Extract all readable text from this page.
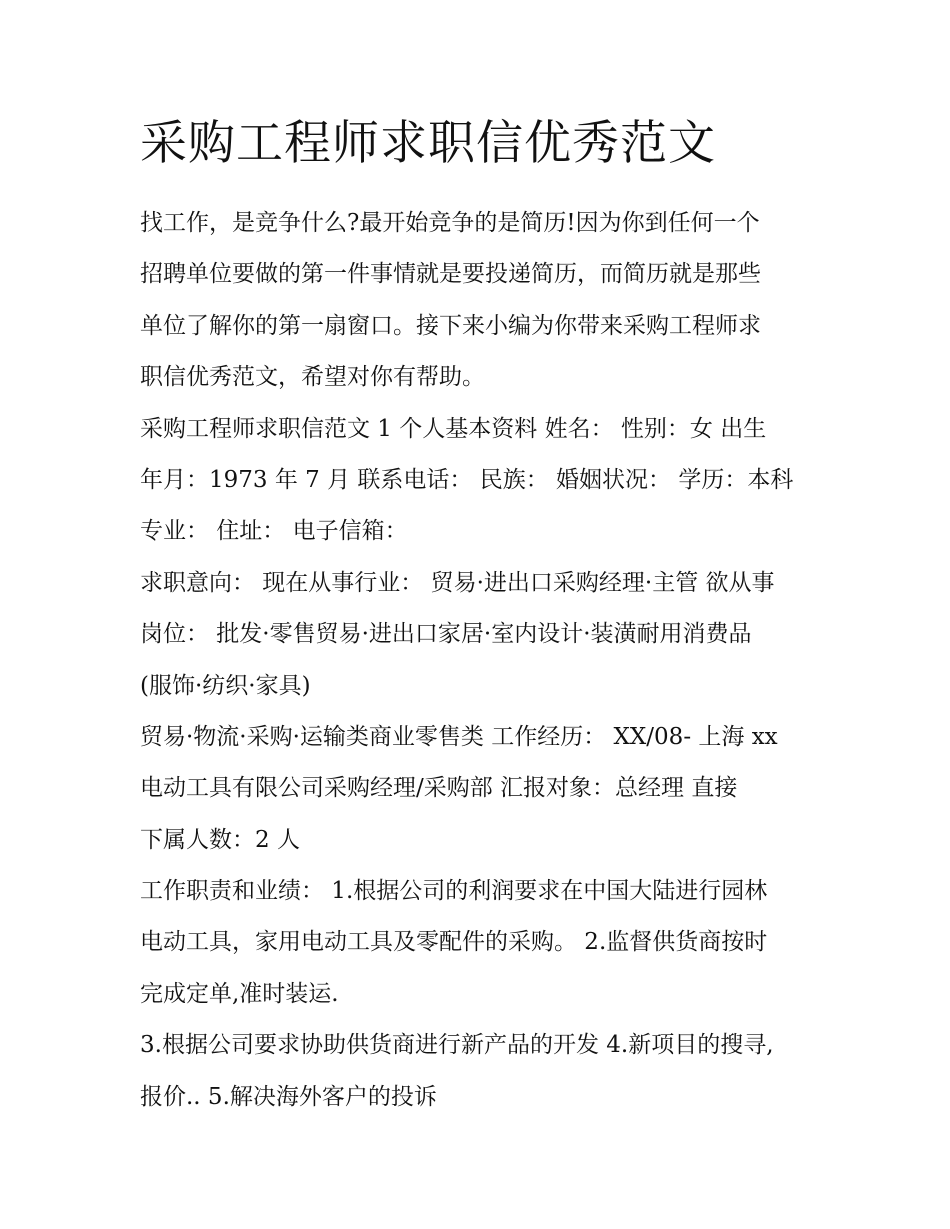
采购工程师求职信优秀范文

找工作，是竞争什么?最开始竞争的是简历!因为你到任何一个
招聘单位要做的第一件事情就是要投递简历，而简历就是那些
单位了解你的第一扇窗口。接下来小编为你带来采购工程师求
职信优秀范文，希望对你有帮助。

采购工程师求职信范文 1 个人基本资料 姓名： 性别：女 出生
年月：1973 年 7 月 联系电话： 民族： 婚姻状况： 学历：本科
专业： 住址： 电子信箱：

求职意向： 现在从事行业： 贸易·进出口采购经理·主管 欲从事
岗位： 批发·零售贸易·进出口家居·室内设计·装潢耐用消费品
(服饰·纺织·家具)

贸易·物流·采购·运输类商业零售类 工作经历： XX/08- 上海 xx
电动工具有限公司采购经理/采购部 汇报对象：总经理 直接
下属人数：2 人

工作职责和业绩： 1.根据公司的利润要求在中国大陆进行园林
电动工具，家用电动工具及零配件的采购。 2.监督供货商按时
完成定单,准时装运.

3.根据公司要求协助供货商进行新产品的开发 4.新项目的搜寻,
报价.. 5.解决海外客户的投诉
